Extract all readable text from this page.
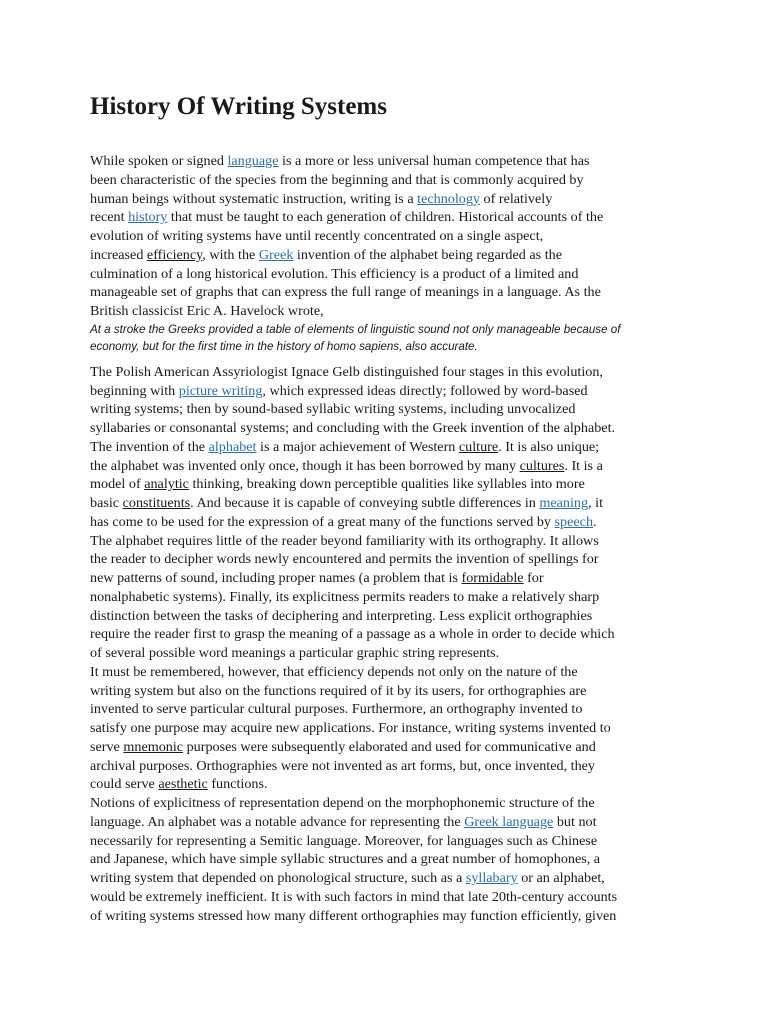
History Of Writing Systems
While spoken or signed language is a more or less universal human competence that has
been characteristic of the species from the beginning and that is commonly acquired by
human beings without systematic instruction, writing is a technology of relatively
recent history that must be taught to each generation of children. Historical accounts of the
evolution of writing systems have until recently concentrated on a single aspect,
increased efficiency, with the Greek invention of the alphabet being regarded as the
culmination of a long historical evolution. This efficiency is a product of a limited and
manageable set of graphs that can express the full range of meanings in a language. As the
British classicist Eric A. Havelock wrote,
At a stroke the Greeks provided a table of elements of linguistic sound not only manageable because of
economy, but for the first time in the history of homo sapiens, also accurate.
The Polish American Assyriologist Ignace Gelb distinguished four stages in this evolution,
beginning with picture writing, which expressed ideas directly; followed by word-based
writing systems; then by sound-based syllabic writing systems, including unvocalized
syllabaries or consonantal systems; and concluding with the Greek invention of the alphabet.
The invention of the alphabet is a major achievement of Western culture. It is also unique;
the alphabet was invented only once, though it has been borrowed by many cultures. It is a
model of analytic thinking, breaking down perceptible qualities like syllables into more
basic constituents. And because it is capable of conveying subtle differences in meaning, it
has come to be used for the expression of a great many of the functions served by speech.
The alphabet requires little of the reader beyond familiarity with its orthography. It allows
the reader to decipher words newly encountered and permits the invention of spellings for
new patterns of sound, including proper names (a problem that is formidable for
nonalphabetic systems). Finally, its explicitness permits readers to make a relatively sharp
distinction between the tasks of deciphering and interpreting. Less explicit orthographies
require the reader first to grasp the meaning of a passage as a whole in order to decide which
of several possible word meanings a particular graphic string represents.
It must be remembered, however, that efficiency depends not only on the nature of the
writing system but also on the functions required of it by its users, for orthographies are
invented to serve particular cultural purposes. Furthermore, an orthography invented to
satisfy one purpose may acquire new applications. For instance, writing systems invented to
serve mnemonic purposes were subsequently elaborated and used for communicative and
archival purposes. Orthographies were not invented as art forms, but, once invented, they
could serve aesthetic functions.
Notions of explicitness of representation depend on the morphophonemic structure of the
language. An alphabet was a notable advance for representing the Greek language but not
necessarily for representing a Semitic language. Moreover, for languages such as Chinese
and Japanese, which have simple syllabic structures and a great number of homophones, a
writing system that depended on phonological structure, such as a syllabary or an alphabet,
would be extremely inefficient. It is with such factors in mind that late 20th-century accounts
of writing systems stressed how many different orthographies may function efficiently, given
